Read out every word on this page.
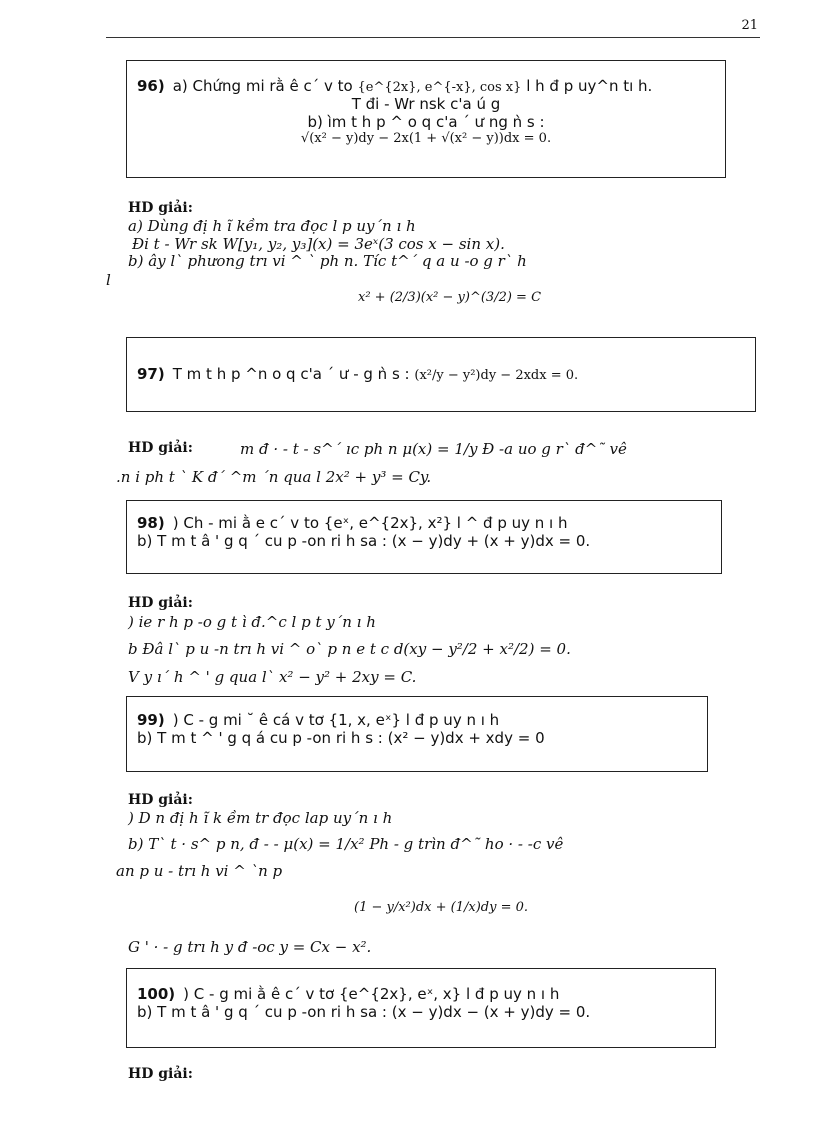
21
96) a) Chứng mi rằ ê c´ v to {e^{2x}, e^{-x}, cos x} l h đ p uy^n tı h.
T đi - Wr nsk c'a ú g
b) ìm t h p ^ o q c'a ´ ư ng ǹ s :
√(x² − y)dy − 2x(1 + √(x² − y))dx = 0.
HD giải:
a) Dùng đị h ĩ kềm tra đọc l p uy´n ı h
Đi t - Wr sk W[y₁, y₂, y₃](x) = 3eˣ(3 cos x − sin x).
b) ây l` phưong trı vi ^ ` ph n. Tíc t^´ q a u -o g r` h
l
x² + (2/3)(x² − y)^(3/2) = C
97) T m t h p ^n o q c'a ´ ư - g ǹ s : (x²/y − y²)dy − 2xdx = 0.
HD giải:	m đ · - t - s^´ ıc ph n μ(x) = 1/y Đ -a uo g r` đ^˜ vê
.n i ph t ` K đ´ ^m ´n qua l 2x² + y³ = Cy.
98) ) Ch - mi ằ e c´ v to {eˣ, e^{2x}, x²} l ^ đ p uy n ı h
b) T m t â ' g q ´ cu p -on ri h sa : (x − y)dy + (x + y)dx = 0.
HD giải:
) ie r h p -o g t ì đ.^c l p t y´n ı h
b Đâ l` p u -n trı h vi ^ o` p n e t c d(xy − y²/2 + x²/2) = 0.
V y ı´ h ^ ' g qua l` x² − y² + 2xy = C.
99) ) C - g mi ˘ ê cá v tơ {1, x, eˣ} l đ p uy n ı h
b) T m t ^ ' g q á cu p -on ri h s : (x² − y)dx + xdy = 0
HD giải:
) D n đị h ĩ k ềm tr đọc lap uy´n ı h
b) T` t · s^ p n, đ - - μ(x) = 1/x² Ph - g trı̀n đ^˜ ho · - -c vê
an p u - trı h vi ^ `n p
(1 − y/x²)dx + (1/x)dy = 0.
G ' · - g trı h y đ -oc y = Cx − x².
100) ) C - g mi ằ ê c´ v tơ {e^{2x}, eˣ, x} l đ p uy n ı h
b) T m t â ' g q ´ cu p -on ri h sa : (x − y)dx − (x + y)dy = 0.
HD giải:
